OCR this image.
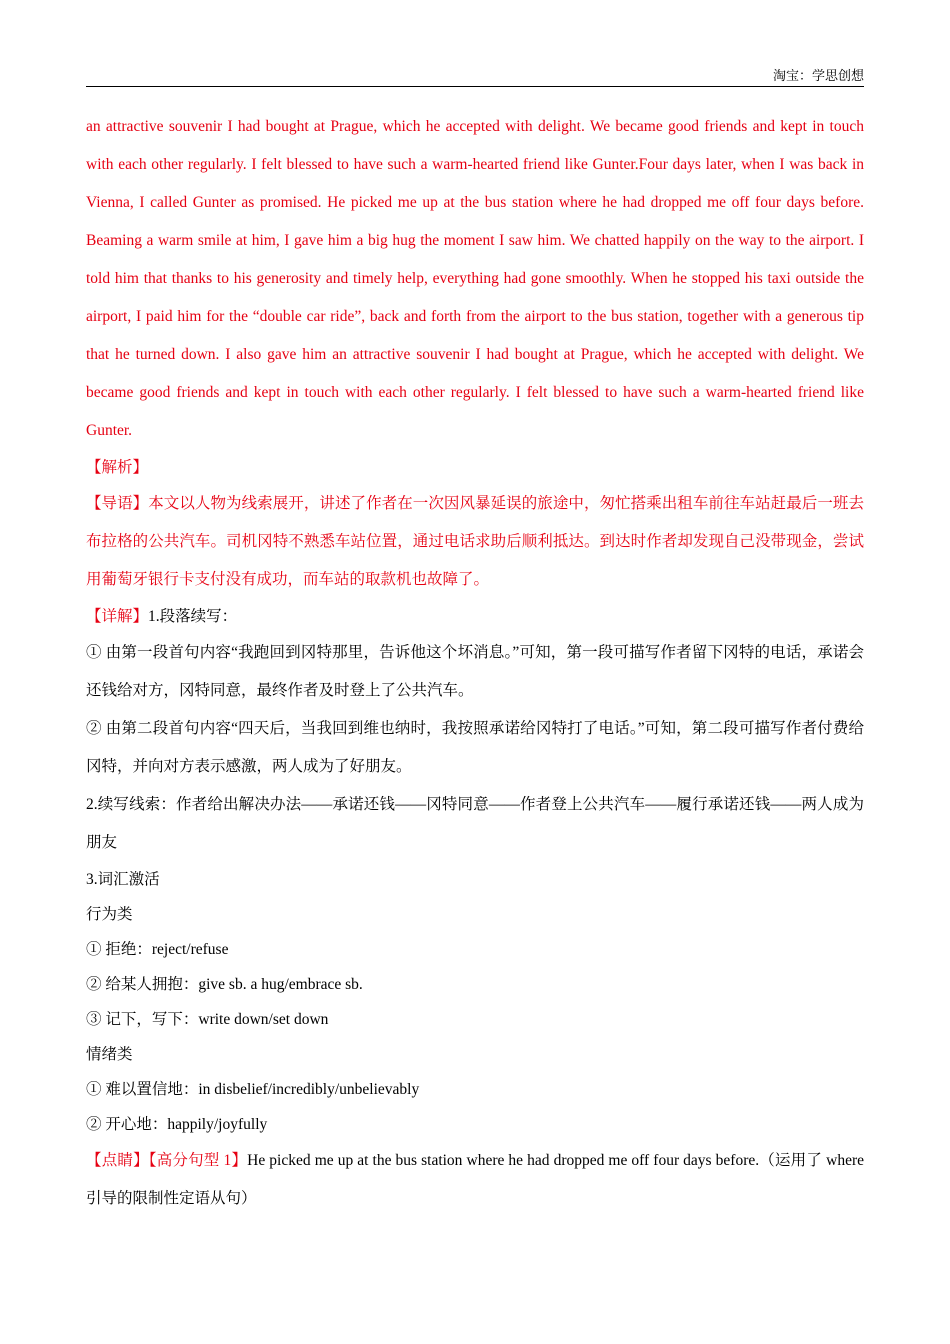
淘宝：学思创想

an attractive souvenir I had bought at Prague, which he accepted with delight. We became good friends and kept in touch with each other regularly. I felt blessed to have such a warm-hearted friend like Gunter.Four days later, when I was back in Vienna, I called Gunter as promised. He picked me up at the bus station where he had dropped me off four days before. Beaming a warm smile at him, I gave him a big hug the moment I saw him. We chatted happily on the way to the airport. I told him that thanks to his generosity and timely help, everything had gone smoothly. When he stopped his taxi outside the airport, I paid him for the “double car ride”, back and forth from the airport to the bus station, together with a generous tip that he turned down. I also gave him an attractive souvenir I had bought at Prague, which he accepted with delight. We became good friends and kept in touch with each other regularly. I felt blessed to have such a warm-hearted friend like Gunter.

【解析】

【导语】本文以人物为线索展开，讲述了作者在一次因风暴延误的旅途中，匆忙搭乘出租车前往车站赶最后一班去布拉格的公共汽车。司机冈特不熟悉车站位置，通过电话求助后顺利抵达。到达时作者却发现自己没带现金，尝试用葡萄牙银行卡支付没有成功，而车站的取款机也故障了。

【详解】1.段落续写：

① 由第一段首句内容“我跑回到冈特那里，告诉他这个坏消息。”可知，第一段可描写作者留下冈特的电话，承诺会还钱给对方，冈特同意，最终作者及时登上了公共汽车。

② 由第二段首句内容“四天后，当我回到维也纳时，我按照承诺给冈特打了电话。”可知，第二段可描写作者付费给冈特，并向对方表示感激，两人成为了好朋友。

2.续写线索：作者给出解决办法——承诺还钱——冈特同意——作者登上公共汽车——履行承诺还钱——两人成为朋友

3.词汇激活

行为类

① 拒绝：reject/refuse

② 给某人拥抱：give sb. a hug/embrace sb.

③ 记下，写下：write down/set down

情绪类

① 难以置信地：in disbelief/incredibly/unbelievably

② 开心地：happily/joyfully

【点睛】【高分句型 1】He picked me up at the bus station where he had dropped me off four days before.（运用了 where 引导的限制性定语从句）
